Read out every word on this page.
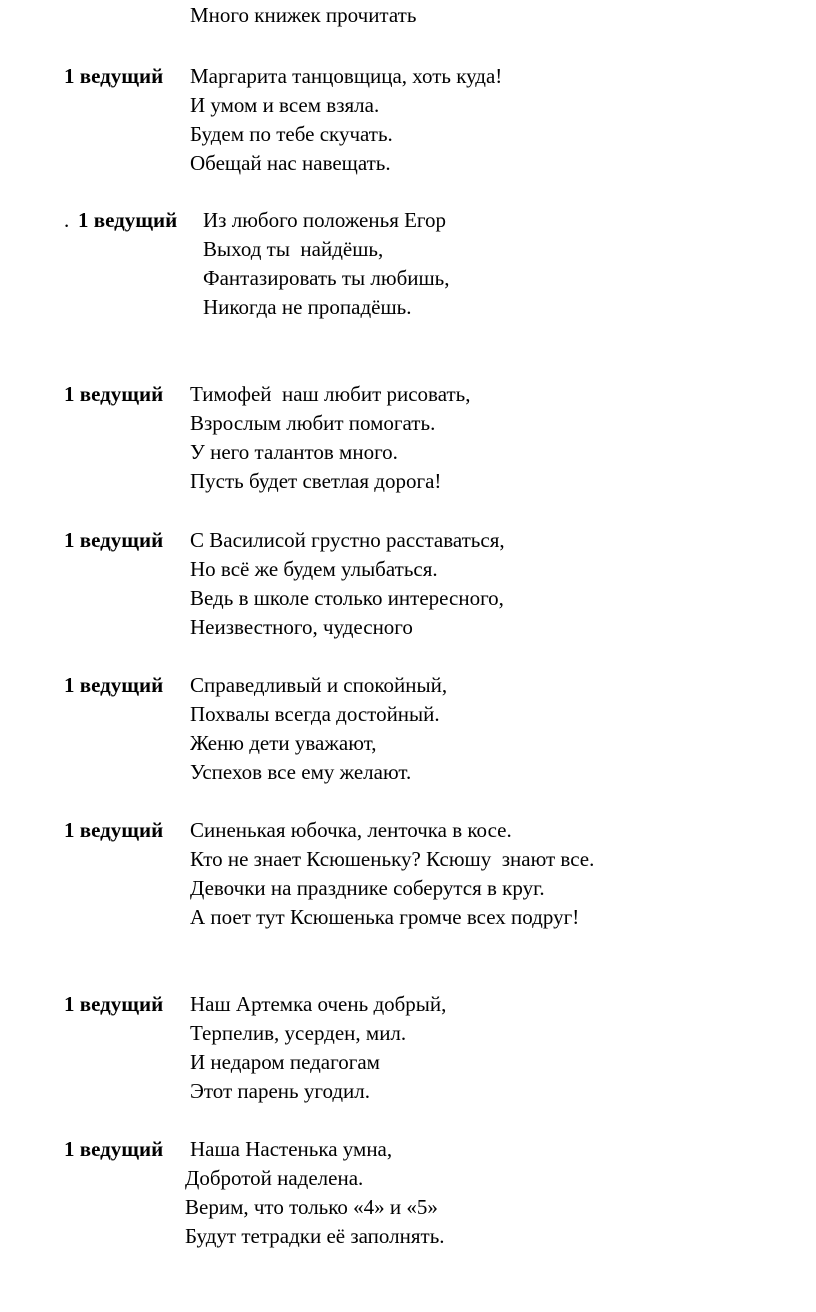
Много книжек прочитать
1 ведущий Маргарита танцовщица, хоть куда!
И умом и всем взяла.
Будем по тебе скучать.
Обещай нас навещать.
. 1 ведущий Из любого положенья Егор
Выход ты  найдёшь,
Фантазировать ты любишь,
Никогда не пропадёшь.
1 ведущий Тимофей  наш любит рисовать,
Взрослым любит помогать.
У него талантов много.
Пусть будет светлая дорога!
1 ведущий С Василисой грустно расставаться,
Но всё же будем улыбаться.
Ведь в школе столько интересного,
Неизвестного, чудесного
1 ведущий Справедливый и спокойный,
Похвалы всегда достойный.
Женю дети уважают,
Успехов все ему желают.
1 ведущий Синенькая юбочка, ленточка в косе.
Кто не знает Ксюшеньку? Ксюшу  знают все.
Девочки на празднике соберутся в круг.
А поет тут Ксюшенька громче всех подруг!
1 ведущий Наш Артемка очень добрый,
Терпелив, усерден, мил.
И недаром педагогам
Этот парень угодил.
1 ведущий Наша Настенька умна,
Добротой наделена.
Верим, что только «4» и «5»
Будут тетрадки её заполнять.
